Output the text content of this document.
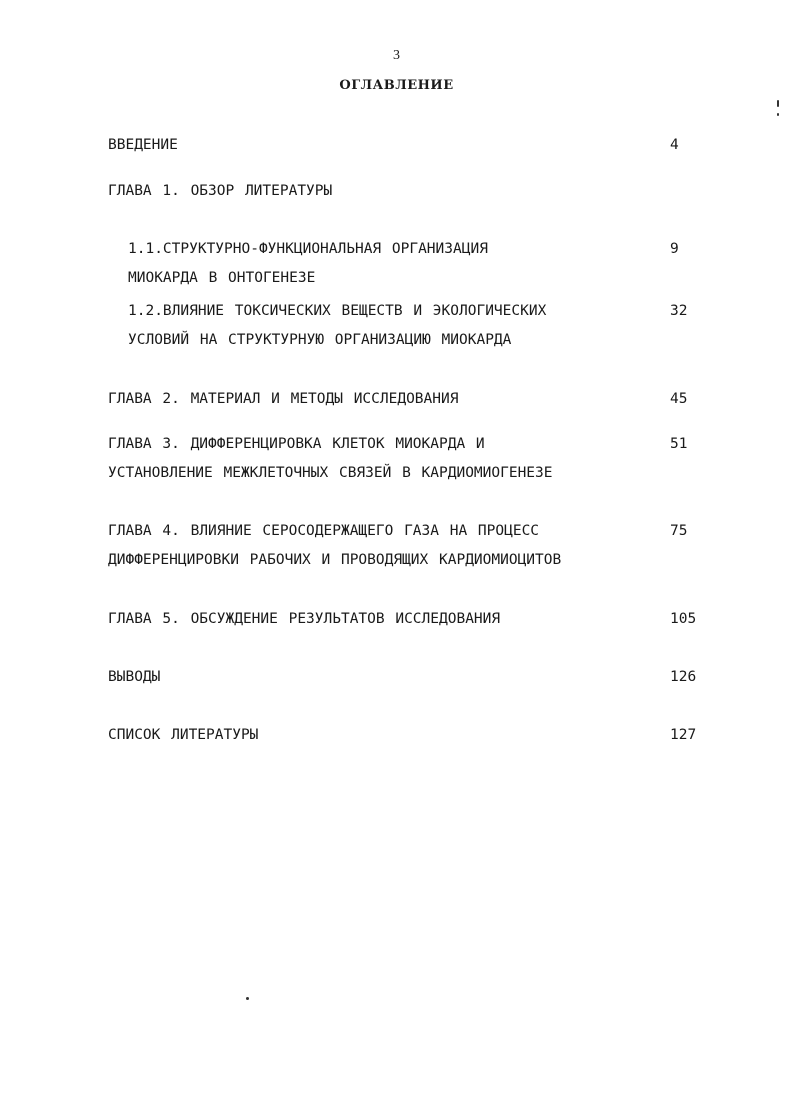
3
ОГЛАВЛЕНИЕ
ВВЕДЕНИЕ	4
ГЛАВА 1. ОБЗОР ЛИТЕРАТУРЫ
1.1.СТРУКТУРНО-ФУНКЦИОНАЛЬНАЯ ОРГАНИЗАЦИЯ
МИОКАРДА В ОНТОГЕНЕЗЕ
9
1.2.ВЛИЯНИЕ ТОКСИЧЕСКИХ ВЕЩЕСТВ И ЭКОЛОГИЧЕСКИХ
УСЛОВИЙ НА СТРУКТУРНУЮ ОРГАНИЗАЦИЮ МИОКАРДА
32
ГЛАВА 2. МАТЕРИАЛ И МЕТОДЫ ИССЛЕДОВАНИЯ	45
ГЛАВА 3. ДИФФЕРЕНЦИРОВКА КЛЕТОК МИОКАРДА И
УСТАНОВЛЕНИЕ МЕЖКЛЕТОЧНЫХ СВЯЗЕЙ В КАРДИОМИОГЕНЕЗЕ
51
ГЛАВА 4. ВЛИЯНИЕ СЕРОСОДЕРЖАЩЕГО ГАЗА НА ПРОЦЕСС
ДИФФЕРЕНЦИРОВКИ РАБОЧИХ И ПРОВОДЯЩИХ КАРДИОМИОЦИТОВ
75
ГЛАВА 5. ОБСУЖДЕНИЕ РЕЗУЛЬТАТОВ ИССЛЕДОВАНИЯ	105
ВЫВОДЫ	126
СПИСОК ЛИТЕРАТУРЫ	127
